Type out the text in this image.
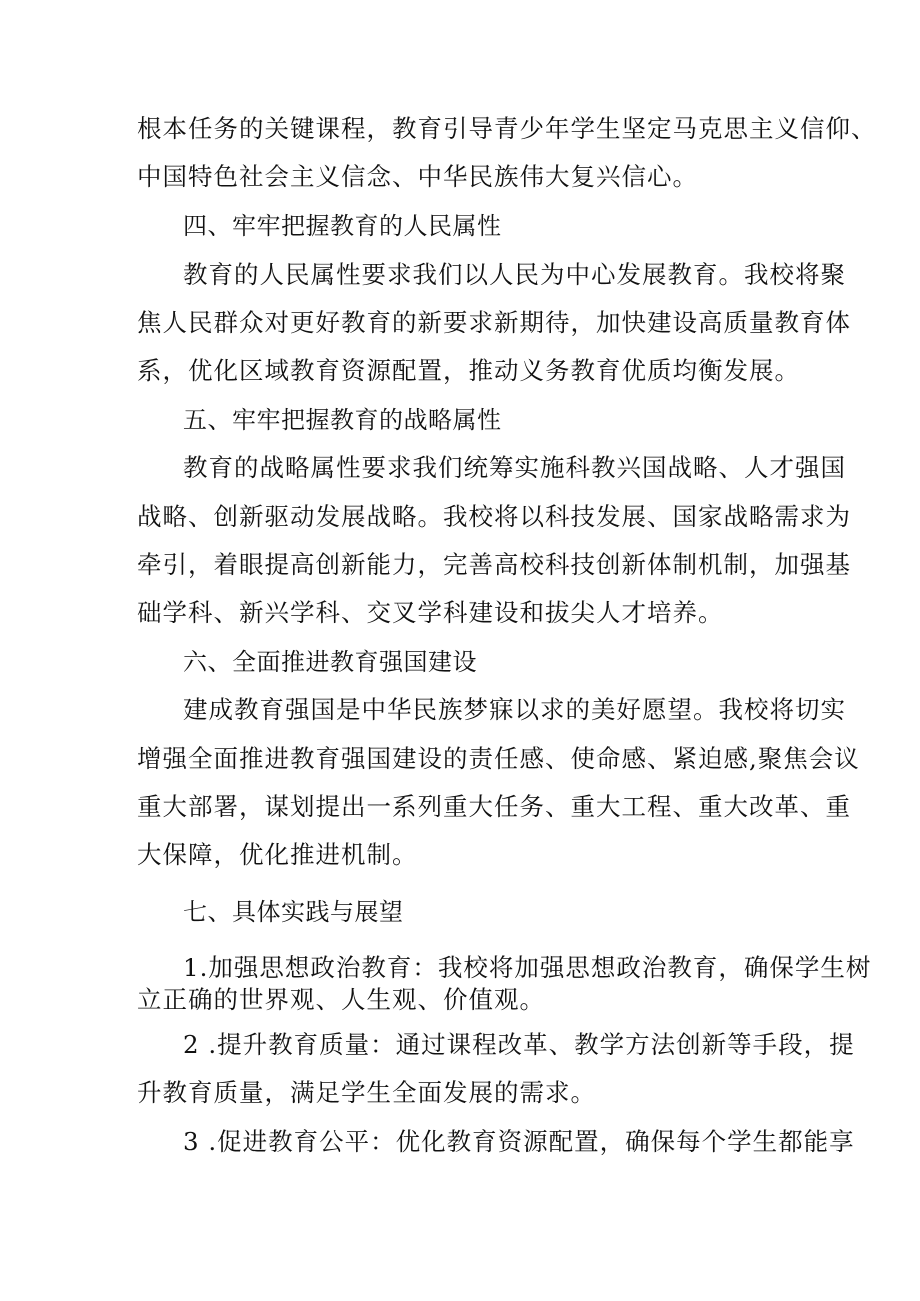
根本任务的关键课程，教育引导青少年学生坚定马克思主义信仰、
中国特色社会主义信念、中华民族伟大复兴信心。
四、牢牢把握教育的人民属性
教育的人民属性要求我们以人民为中心发展教育。我校将聚
焦人民群众对更好教育的新要求新期待，加快建设高质量教育体
系，优化区域教育资源配置，推动义务教育优质均衡发展。
五、牢牢把握教育的战略属性
教育的战略属性要求我们统筹实施科教兴国战略、人才强国
战略、创新驱动发展战略。我校将以科技发展、国家战略需求为
牵引，着眼提高创新能力，完善高校科技创新体制机制，加强基
础学科、新兴学科、交叉学科建设和拔尖人才培养。
六、全面推进教育强国建设
建成教育强国是中华民族梦寐以求的美好愿望。我校将切实
增强全面推进教育强国建设的责任感、使命感、紧迫感,聚焦会议
重大部署，谋划提出一系列重大任务、重大工程、重大改革、重
大保障，优化推进机制。
七、具体实践与展望
1.加强思想政治教育：我校将加强思想政治教育，确保学生树
立正确的世界观、人生观、价值观。
2 .提升教育质量：通过课程改革、教学方法创新等手段，提
升教育质量，满足学生全面发展的需求。
3 .促进教育公平：优化教育资源配置，确保每个学生都能享
